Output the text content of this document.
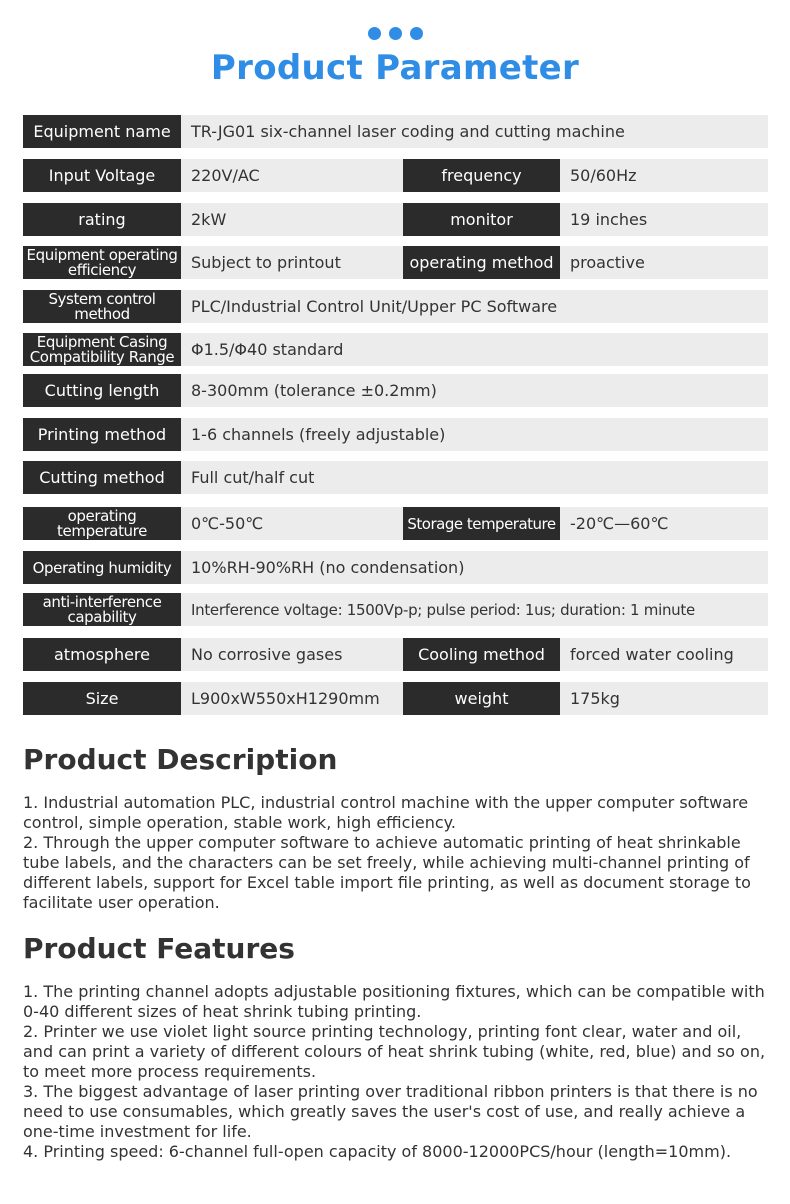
Product Parameter
Equipment name	TR-JG01 six-channel laser coding and cutting machine
Input Voltage	220V/AC	frequency	50/60Hz
rating	2kW	monitor	19 inches
Equipment operating efficiency	Subject to printout	operating method	proactive
System control method	PLC/Industrial Control Unit/Upper PC Software
Equipment Casing Compatibility Range	Φ1.5/Φ40 standard
Cutting length	8-300mm (tolerance ±0.2mm)
Printing method	1-6 channels (freely adjustable)
Cutting method	Full cut/half cut
operating temperature	0℃-50℃	Storage temperature -20℃—60℃
Operating humidity	10%RH-90%RH (no condensation)
anti-interference capability	Interference voltage: 1500Vp-p; pulse period: 1us; duration: 1 minute
atmosphere	No corrosive gases	Cooling method	forced water cooling
Size	L900xW550xH1290mm	weight	175kg
Product Description
1. Industrial automation PLC, industrial control machine with the upper computer software control, simple operation, stable work, high efficiency.
2. Through the upper computer software to achieve automatic printing of heat shrinkable tube labels, and the characters can be set freely, while achieving multi-channel printing of different labels, support for Excel table import file printing, as well as document storage to facilitate user operation.
Product Features
1. The printing channel adopts adjustable positioning fixtures, which can be compatible with 0-40 different sizes of heat shrink tubing printing.
2. Printer we use violet light source printing technology, printing font clear, water and oil, and can print a variety of different colours of heat shrink tubing (white, red, blue) and so on, to meet more process requirements.
3. The biggest advantage of laser printing over traditional ribbon printers is that there is no need to use consumables, which greatly saves the user's cost of use, and really achieve a one-time investment for life.
4. Printing speed: 6-channel full-open capacity of 8000-12000PCS/hour (length=10mm).
